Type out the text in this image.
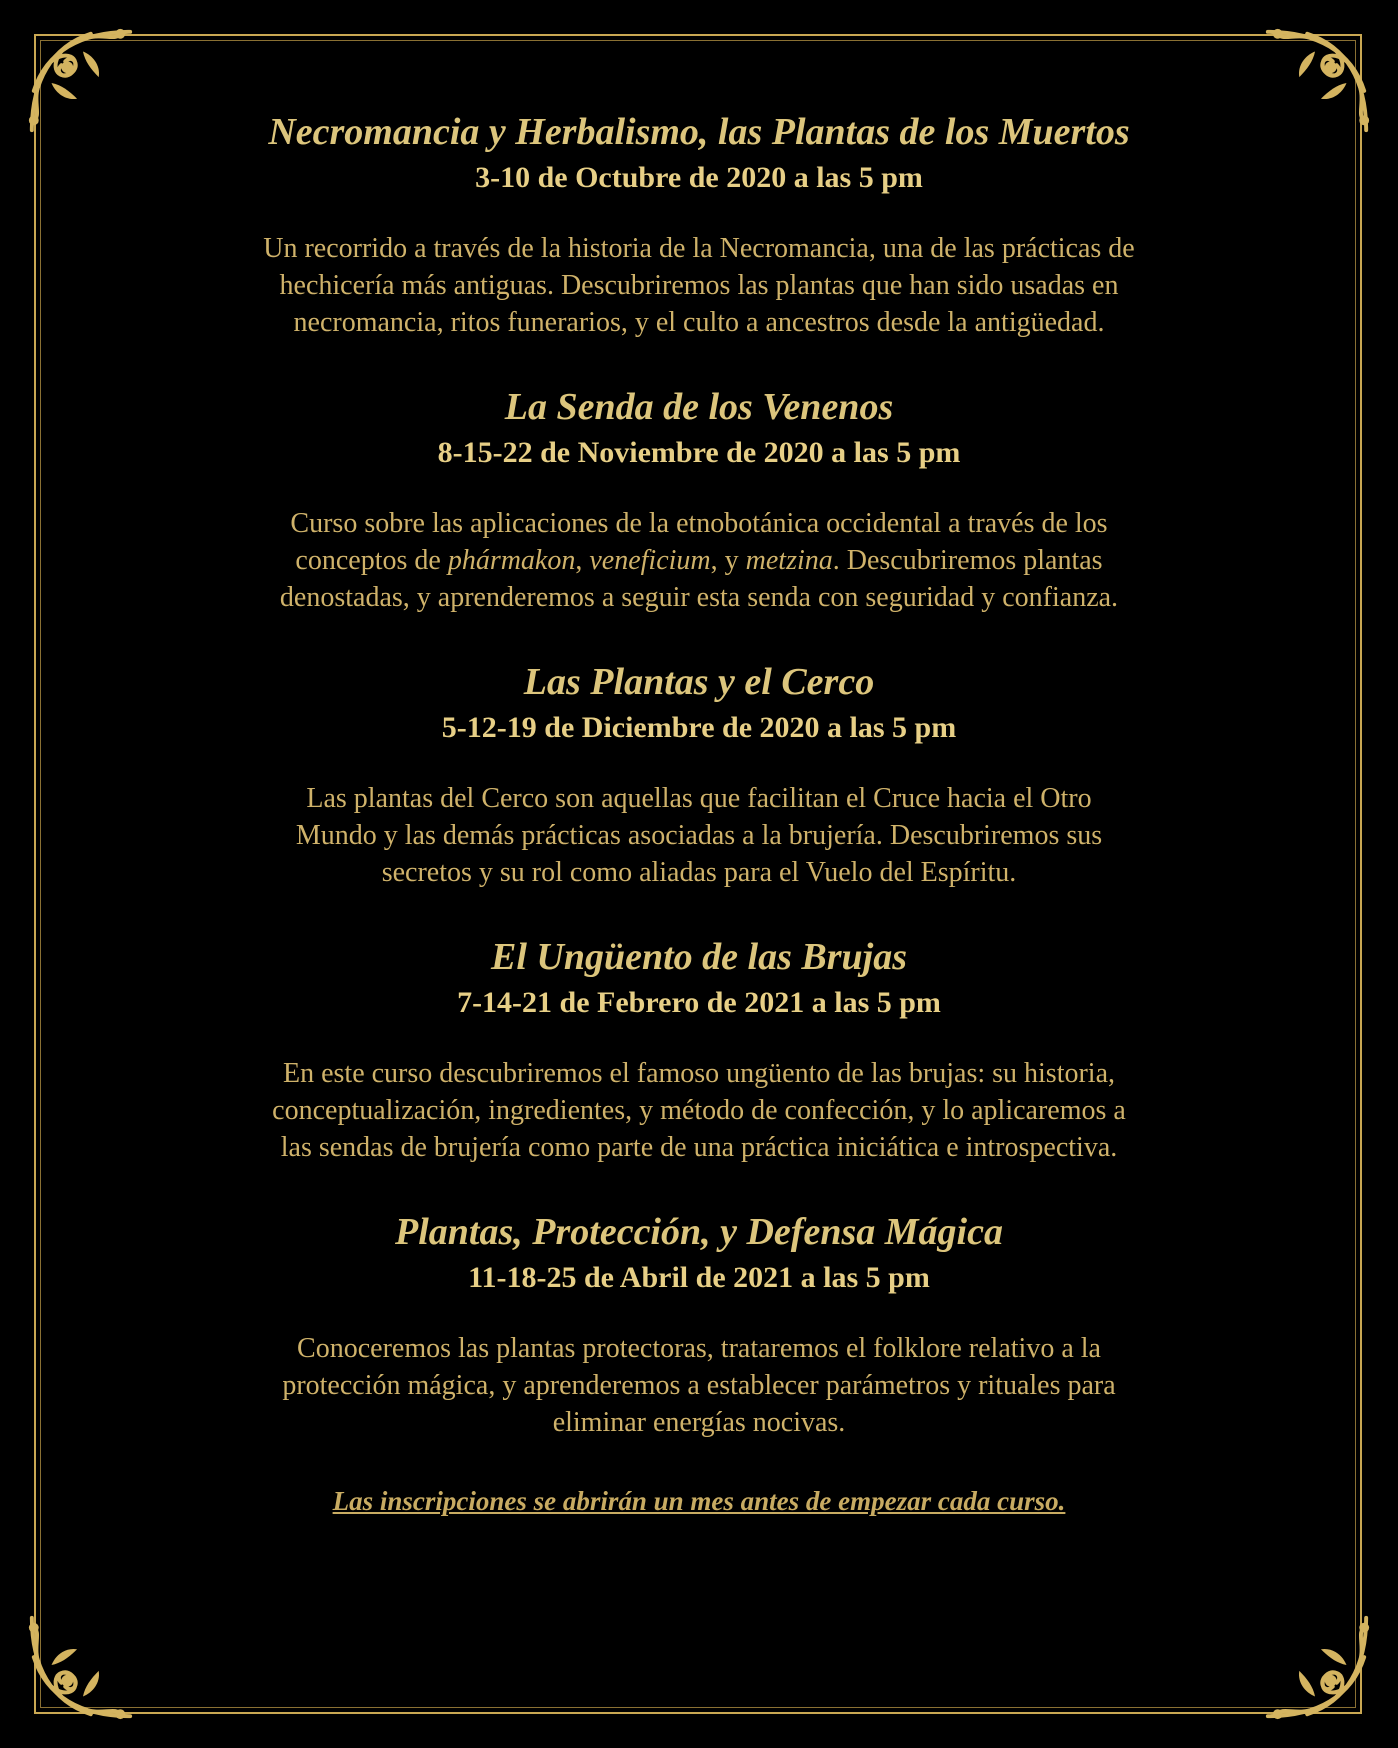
Necromancia y Herbalismo, las Plantas de los Muertos
3-10 de Octubre de 2020 a las 5 pm

Un recorrido a través de la historia de la Necromancia, una de las prácticas de
hechicería más antiguas. Descubriremos las plantas que han sido usadas en
necromancia, ritos funerarios, y el culto a ancestros desde la antigüedad.

La Senda de los Venenos
8-15-22 de Noviembre de 2020 a las 5 pm

Curso sobre las aplicaciones de la etnobotánica occidental a través de los
conceptos de phármakon, veneficium, y metzina. Descubriremos plantas
denostadas, y aprenderemos a seguir esta senda con seguridad y confianza.

Las Plantas y el Cerco
5-12-19 de Diciembre de 2020 a las 5 pm

Las plantas del Cerco son aquellas que facilitan el Cruce hacia el Otro
Mundo y las demás prácticas asociadas a la brujería. Descubriremos sus
secretos y su rol como aliadas para el Vuelo del Espíritu.

El Ungüento de las Brujas
7-14-21 de Febrero de 2021 a las 5 pm

En este curso descubriremos el famoso ungüento de las brujas: su historia,
conceptualización, ingredientes, y método de confección, y lo aplicaremos a
las sendas de brujería como parte de una práctica iniciática e introspectiva.

Plantas, Protección, y Defensa Mágica
11-18-25 de Abril de 2021 a las 5 pm

Conoceremos las plantas protectoras, trataremos el folklore relativo a la
protección mágica, y aprenderemos a establecer parámetros y rituales para
eliminar energías nocivas.

Las inscripciones se abrirán un mes antes de empezar cada curso.
